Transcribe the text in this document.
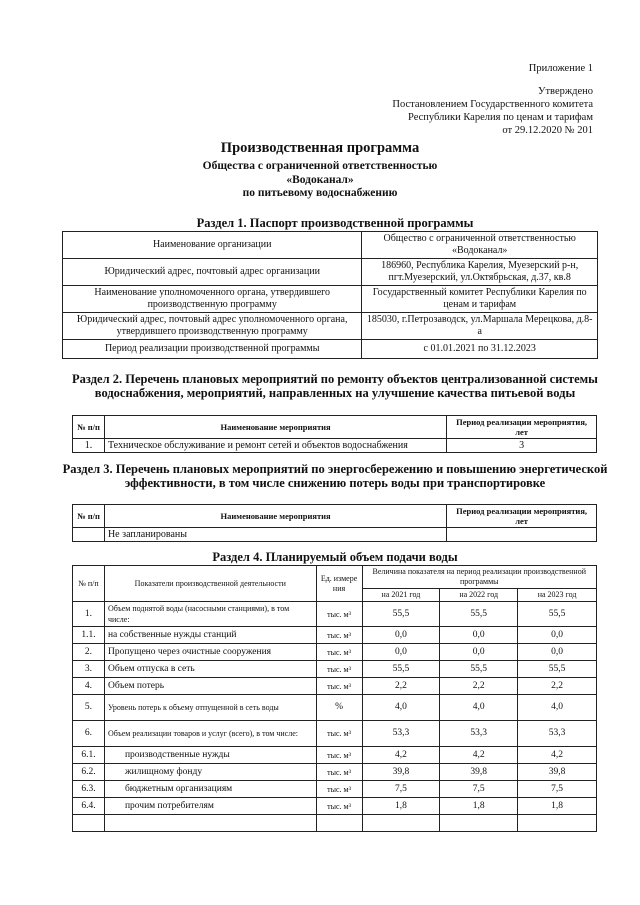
Приложение 1
Утверждено
Постановлением Государственного комитета
Республики Карелия по ценам и тарифам
от 29.12.2020 № 201
Производственная программа
Общества с ограниченной ответственностью
«Водоканал»
по питьевому водоснабжению
Раздел 1. Паспорт производственной программы
Наименование организации	Общество с ограниченной ответственностью «Водоканал»
Юридический адрес, почтовый адрес организации	186960, Республика Карелия, Муезерский р-н, пгт.Муезерский, ул.Октябрьская, д.37, кв.8
Наименование уполномоченного органа, утвердившего производственную программу	Государственный комитет Республики Карелия по ценам и тарифам
Юридический адрес, почтовый адрес уполномоченного органа, утвердившего производственную программу	185030, г.Петрозаводск, ул.Маршала Мерецкова, д.8-а
Период реализации производственной программы	с 01.01.2021 по 31.12.2023
Раздел 2. Перечень плановых мероприятий по ремонту объектов централизованной системы водоснабжения, мероприятий, направленных на улучшение качества питьевой воды
№ п/п	Наименование мероприятия	Период реализации мероприятия, лет
1.	Техническое обслуживание и ремонт сетей и объектов водоснабжения	3
Раздел 3. Перечень плановых мероприятий по энергосбережению и повышению энергетической эффективности, в том числе снижению потерь воды при транспортировке
№ п/п	Наименование мероприятия	Период реализации мероприятия, лет
	Не запланированы	
Раздел 4. Планируемый объем подачи воды
№ п/п	Показатели производственной деятельности	Ед. измере ния	Величина показателя на период реализации производственной программы		
			на 2021 год	на 2022 год	на 2023 год
1.	Объем поднятой воды (насосными станциями), в том числе:	тыс. м³	55,5	55,5	55,5
1.1.	на собственные нужды станций	тыс. м³	0,0	0,0	0,0
2.	Пропущено через очистные сооружения	тыс. м³	0,0	0,0	0,0
3.	Объем отпуска в сеть	тыс. м³	55,5	55,5	55,5
4.	Объем потерь	тыс. м³	2,2	2,2	2,2
5.	Уровень потерь к объему отпущенной в сеть воды	%	4,0	4,0	4,0
6.	Объем реализации товаров и услуг (всего), в том числе:	тыс. м³	53,3	53,3	53,3
6.1.	производственные нужды	тыс. м³	4,2	4,2	4,2
6.2.	жилищному фонду	тыс. м³	39,8	39,8	39,8
6.3.	бюджетным организациям	тыс. м³	7,5	7,5	7,5
6.4.	прочим потребителям	тыс. м³	1,8	1,8	1,8
